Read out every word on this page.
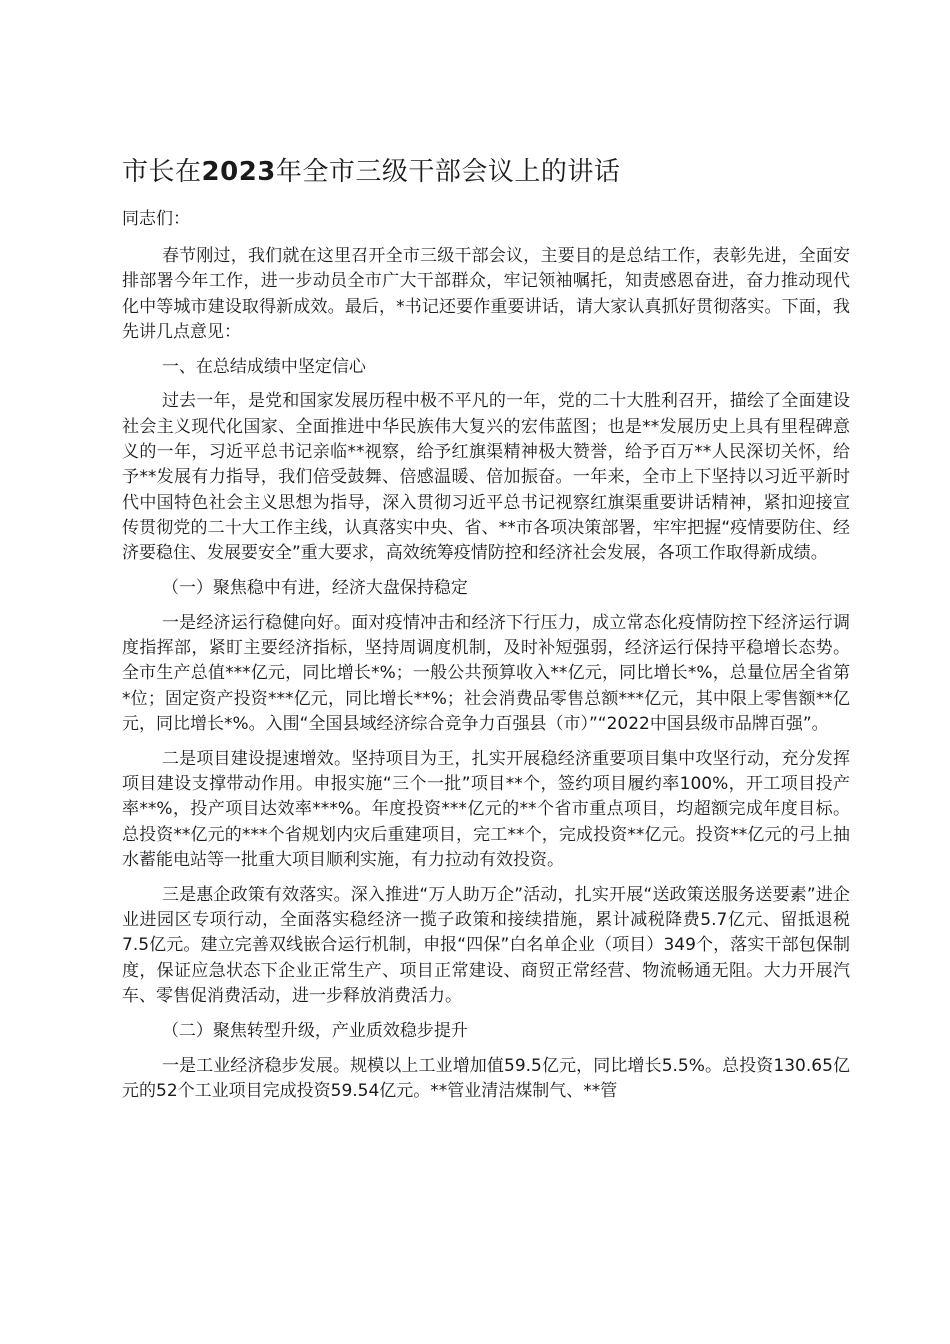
市长在2023年全市三级干部会议上的讲话

同志们：

春节刚过，我们就在这里召开全市三级干部会议，主要目的是总结工作，表彰先进，全面安排部署今年工作，进一步动员全市广大干部群众，牢记领袖嘱托，知责感恩奋进，奋力推动现代化中等城市建设取得新成效。最后，*书记还要作重要讲话，请大家认真抓好贯彻落实。下面，我先讲几点意见：

一、在总结成绩中坚定信心

过去一年，是党和国家发展历程中极不平凡的一年，党的二十大胜利召开，描绘了全面建设社会主义现代化国家、全面推进中华民族伟大复兴的宏伟蓝图；也是**发展历史上具有里程碑意义的一年，习近平总书记亲临**视察，给予红旗渠精神极大赞誉，给予百万**人民深切关怀，给予**发展有力指导，我们倍受鼓舞、倍感温暖、倍加振奋。一年来，全市上下坚持以习近平新时代中国特色社会主义思想为指导，深入贯彻习近平总书记视察红旗渠重要讲话精神，紧扣迎接宣传贯彻党的二十大工作主线，认真落实中央、省、**市各项决策部署，牢牢把握“疫情要防住、经济要稳住、发展要安全”重大要求，高效统筹疫情防控和经济社会发展，各项工作取得新成绩。

（一）聚焦稳中有进，经济大盘保持稳定

一是经济运行稳健向好。面对疫情冲击和经济下行压力，成立常态化疫情防控下经济运行调度指挥部，紧盯主要经济指标，坚持周调度机制，及时补短强弱，经济运行保持平稳增长态势。全市生产总值***亿元，同比增长*%；一般公共预算收入**亿元，同比增长*%，总量位居全省第*位；固定资产投资***亿元，同比增长**%；社会消费品零售总额***亿元，其中限上零售额**亿元，同比增长*%。入围“全国县域经济综合竞争力百强县（市）”“2022中国县级市品牌百强”。

二是项目建设提速增效。坚持项目为王，扎实开展稳经济重要项目集中攻坚行动，充分发挥项目建设支撑带动作用。申报实施“三个一批”项目**个，签约项目履约率100%，开工项目投产率**%，投产项目达效率***%。年度投资***亿元的**个省市重点项目，均超额完成年度目标。总投资**亿元的***个省规划内灾后重建项目，完工**个，完成投资**亿元。投资**亿元的弓上抽水蓄能电站等一批重大项目顺利实施，有力拉动有效投资。

三是惠企政策有效落实。深入推进“万人助万企”活动，扎实开展“送政策送服务送要素”进企业进园区专项行动，全面落实稳经济一揽子政策和接续措施，累计减税降费5.7亿元、留抵退税7.5亿元。建立完善双线嵌合运行机制，申报“四保”白名单企业（项目）349个，落实干部包保制度，保证应急状态下企业正常生产、项目正常建设、商贸正常经营、物流畅通无阻。大力开展汽车、零售促消费活动，进一步释放消费活力。

（二）聚焦转型升级，产业质效稳步提升

一是工业经济稳步发展。规模以上工业增加值59.5亿元，同比增长5.5%。总投资130.65亿元的52个工业项目完成投资59.54亿元。**管业清洁煤制气、**管
